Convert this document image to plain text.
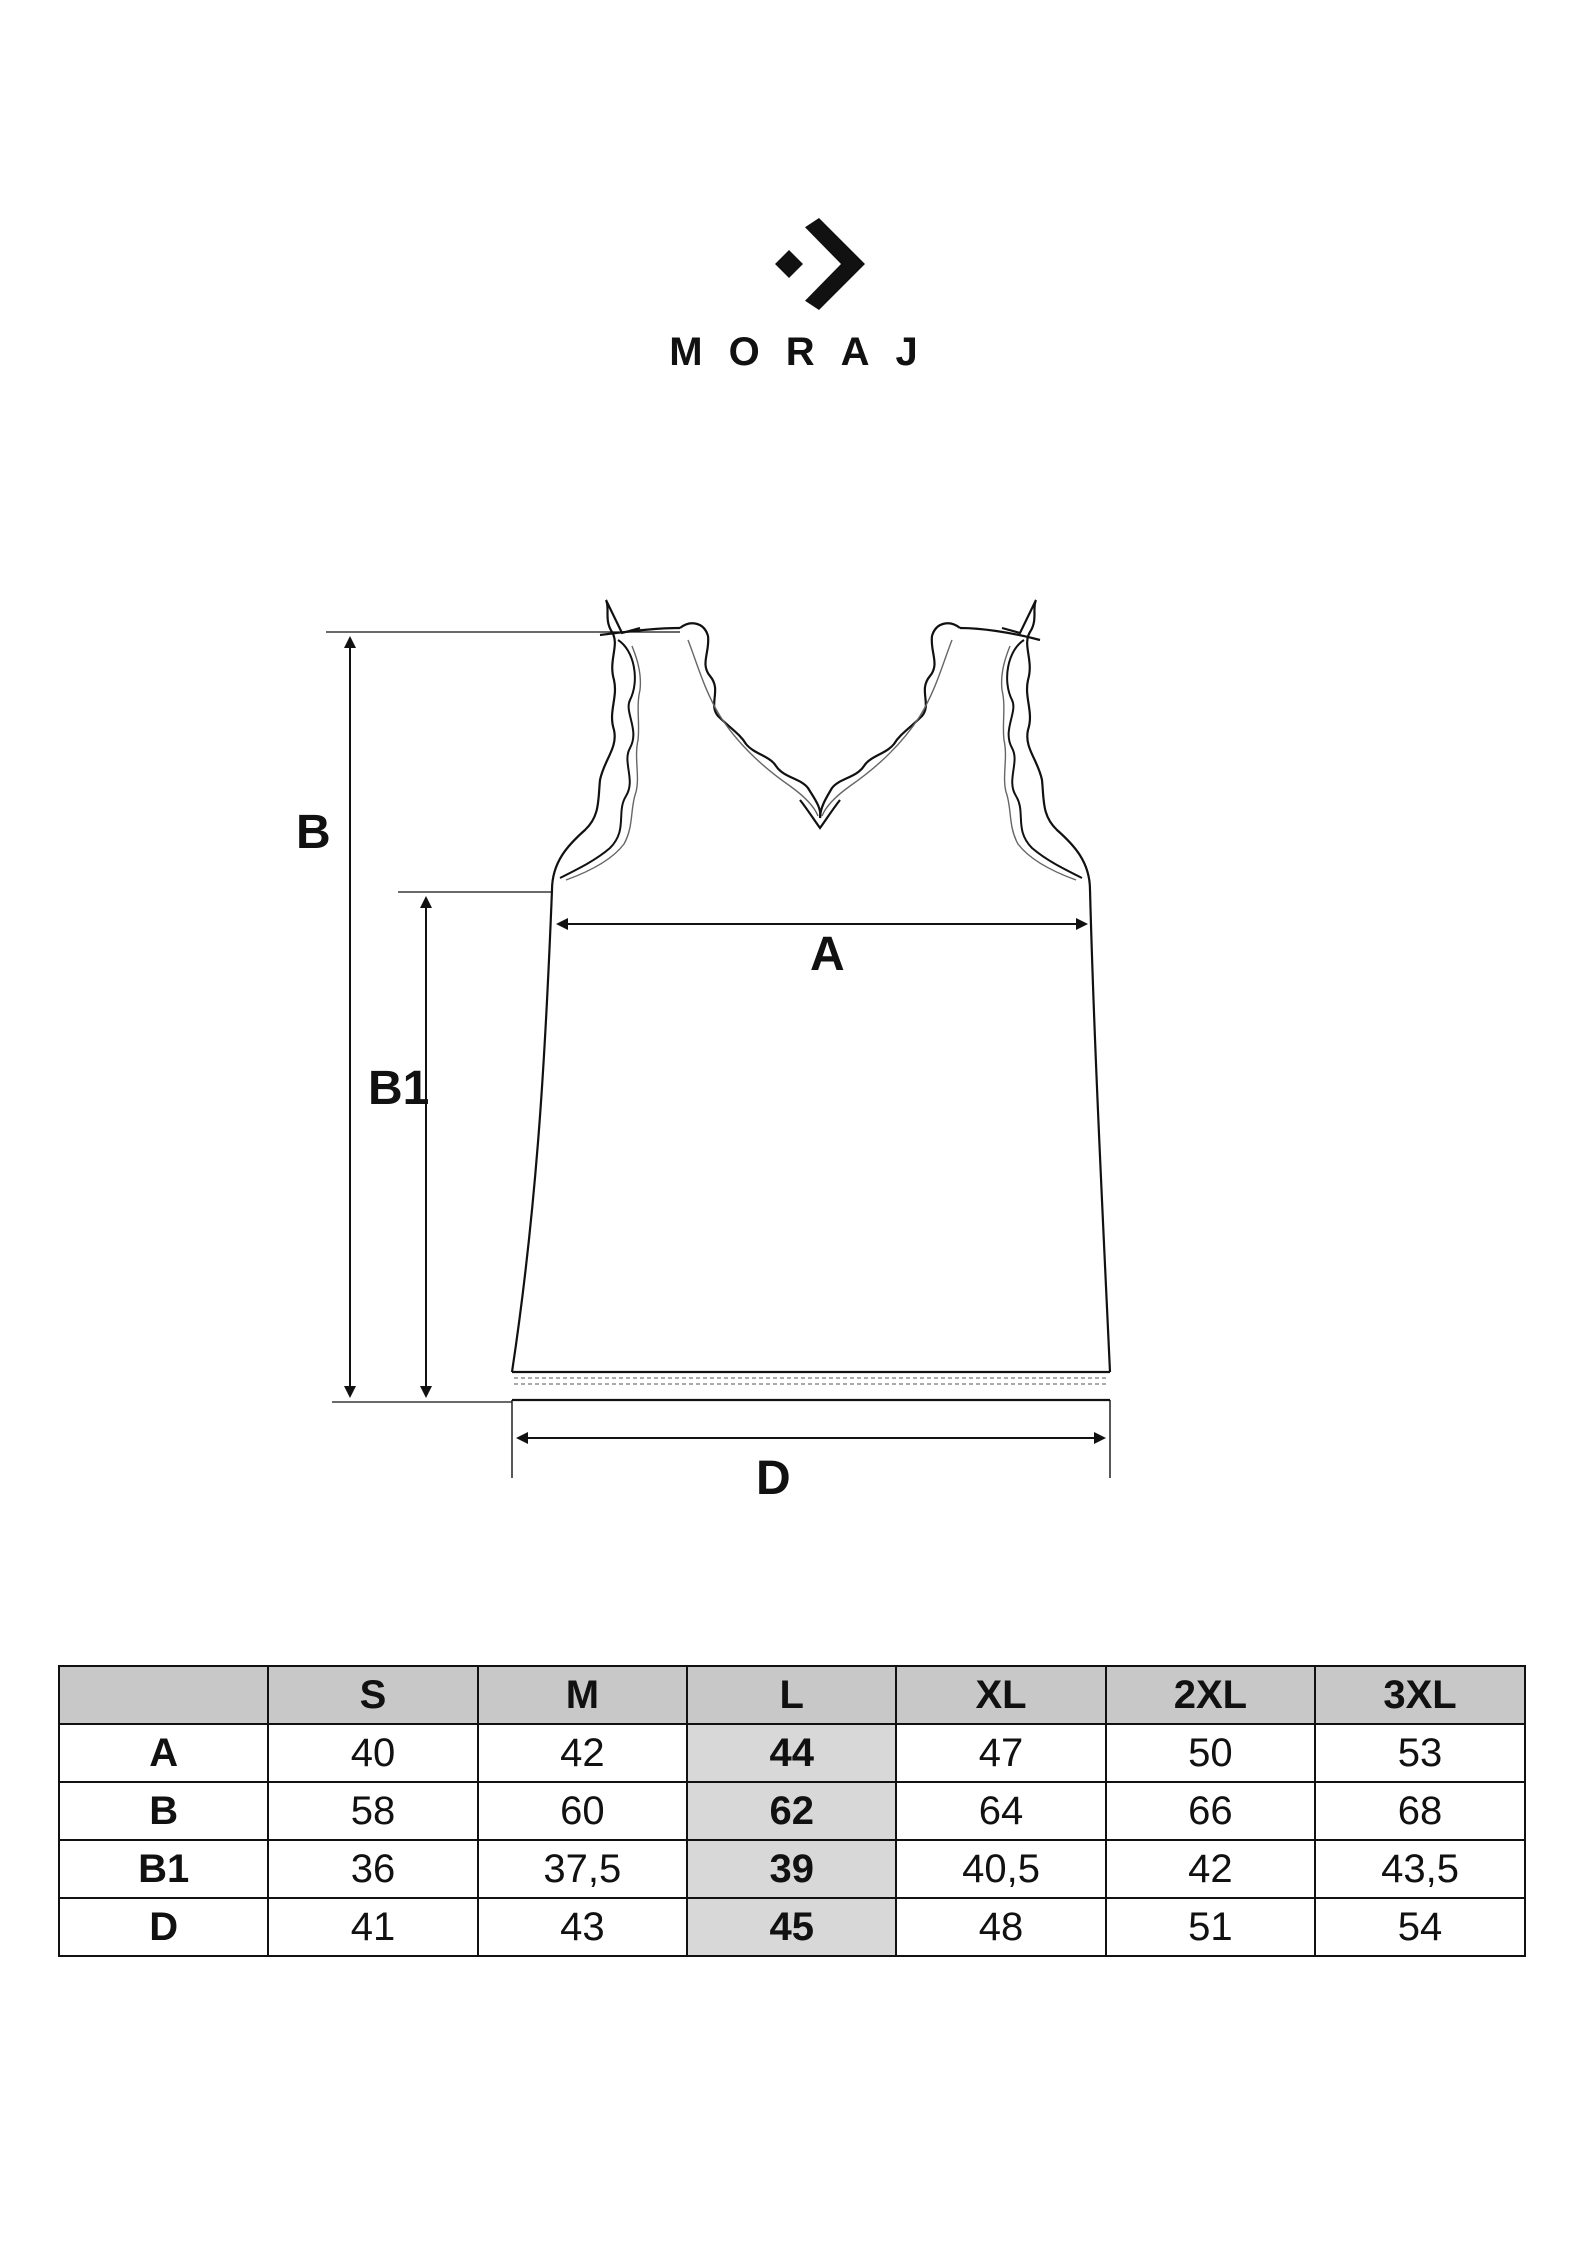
MORAJ
B
B1
A
D
	S	M	L	XL	2XL	3XL
A	40	42	44	47	50	53
B	58	60	62	64	66	68
B1	36	37,5	39	40,5	42	43,5
D	41	43	45	48	51	54
